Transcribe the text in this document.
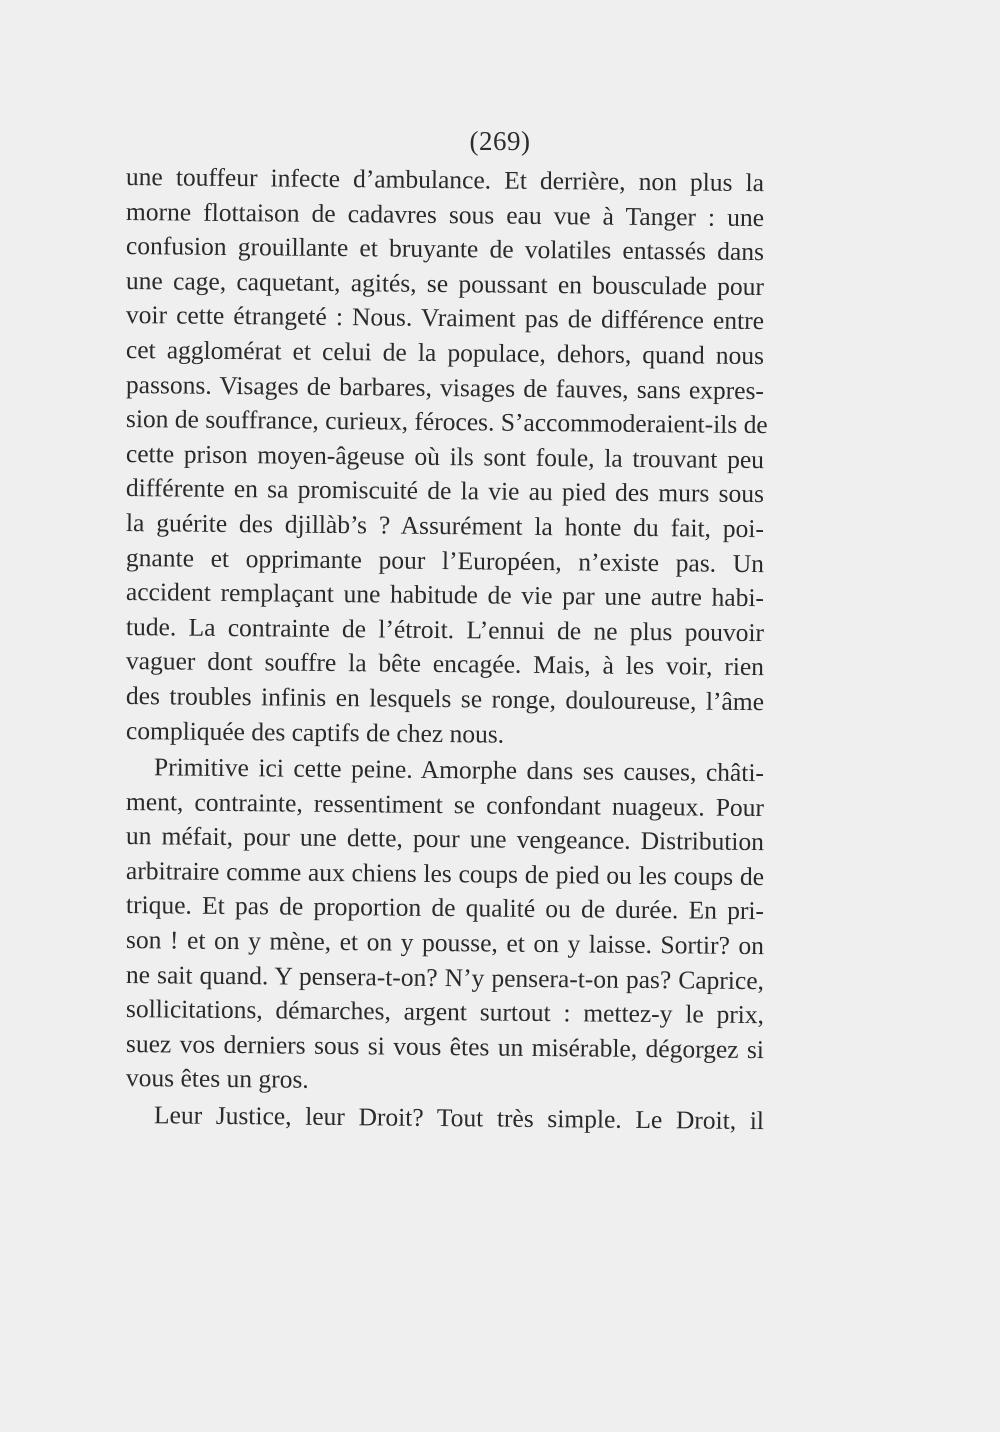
(269)
une touffeur infecte d’ambulance. Et derrière, non plus la
morne flottaison de cadavres sous eau vue à Tanger : une
confusion grouillante et bruyante de volatiles entassés dans
une cage, caquetant, agités, se poussant en bousculade pour
voir cette étrangeté : Nous. Vraiment pas de différence entre
cet agglomérat et celui de la populace, dehors, quand nous
passons. Visages de barbares, visages de fauves, sans expres-
sion de souffrance, curieux, féroces. S’accommoderaient-ils de
cette prison moyen-âgeuse où ils sont foule, la trouvant peu
différente en sa promiscuité de la vie au pied des murs sous
la guérite des djillàb’s ? Assurément la honte du fait, poi-
gnante et opprimante pour l’Européen, n’existe pas. Un
accident remplaçant une habitude de vie par une autre habi-
tude. La contrainte de l’étroit. L’ennui de ne plus pouvoir
vaguer dont souffre la bête encagée. Mais, à les voir, rien
des troubles infinis en lesquels se ronge, douloureuse, l’âme
compliquée des captifs de chez nous.
Primitive ici cette peine. Amorphe dans ses causes, châti-
ment, contrainte, ressentiment se confondant nuageux. Pour
un méfait, pour une dette, pour une vengeance. Distribution
arbitraire comme aux chiens les coups de pied ou les coups de
trique. Et pas de proportion de qualité ou de durée. En pri-
son ! et on y mène, et on y pousse, et on y laisse. Sortir? on
ne sait quand. Y pensera-t-on? N’y pensera-t-on pas? Caprice,
sollicitations, démarches, argent surtout : mettez-y le prix,
suez vos derniers sous si vous êtes un misérable, dégorgez si
vous êtes un gros.
Leur Justice, leur Droit? Tout très simple. Le Droit, il
